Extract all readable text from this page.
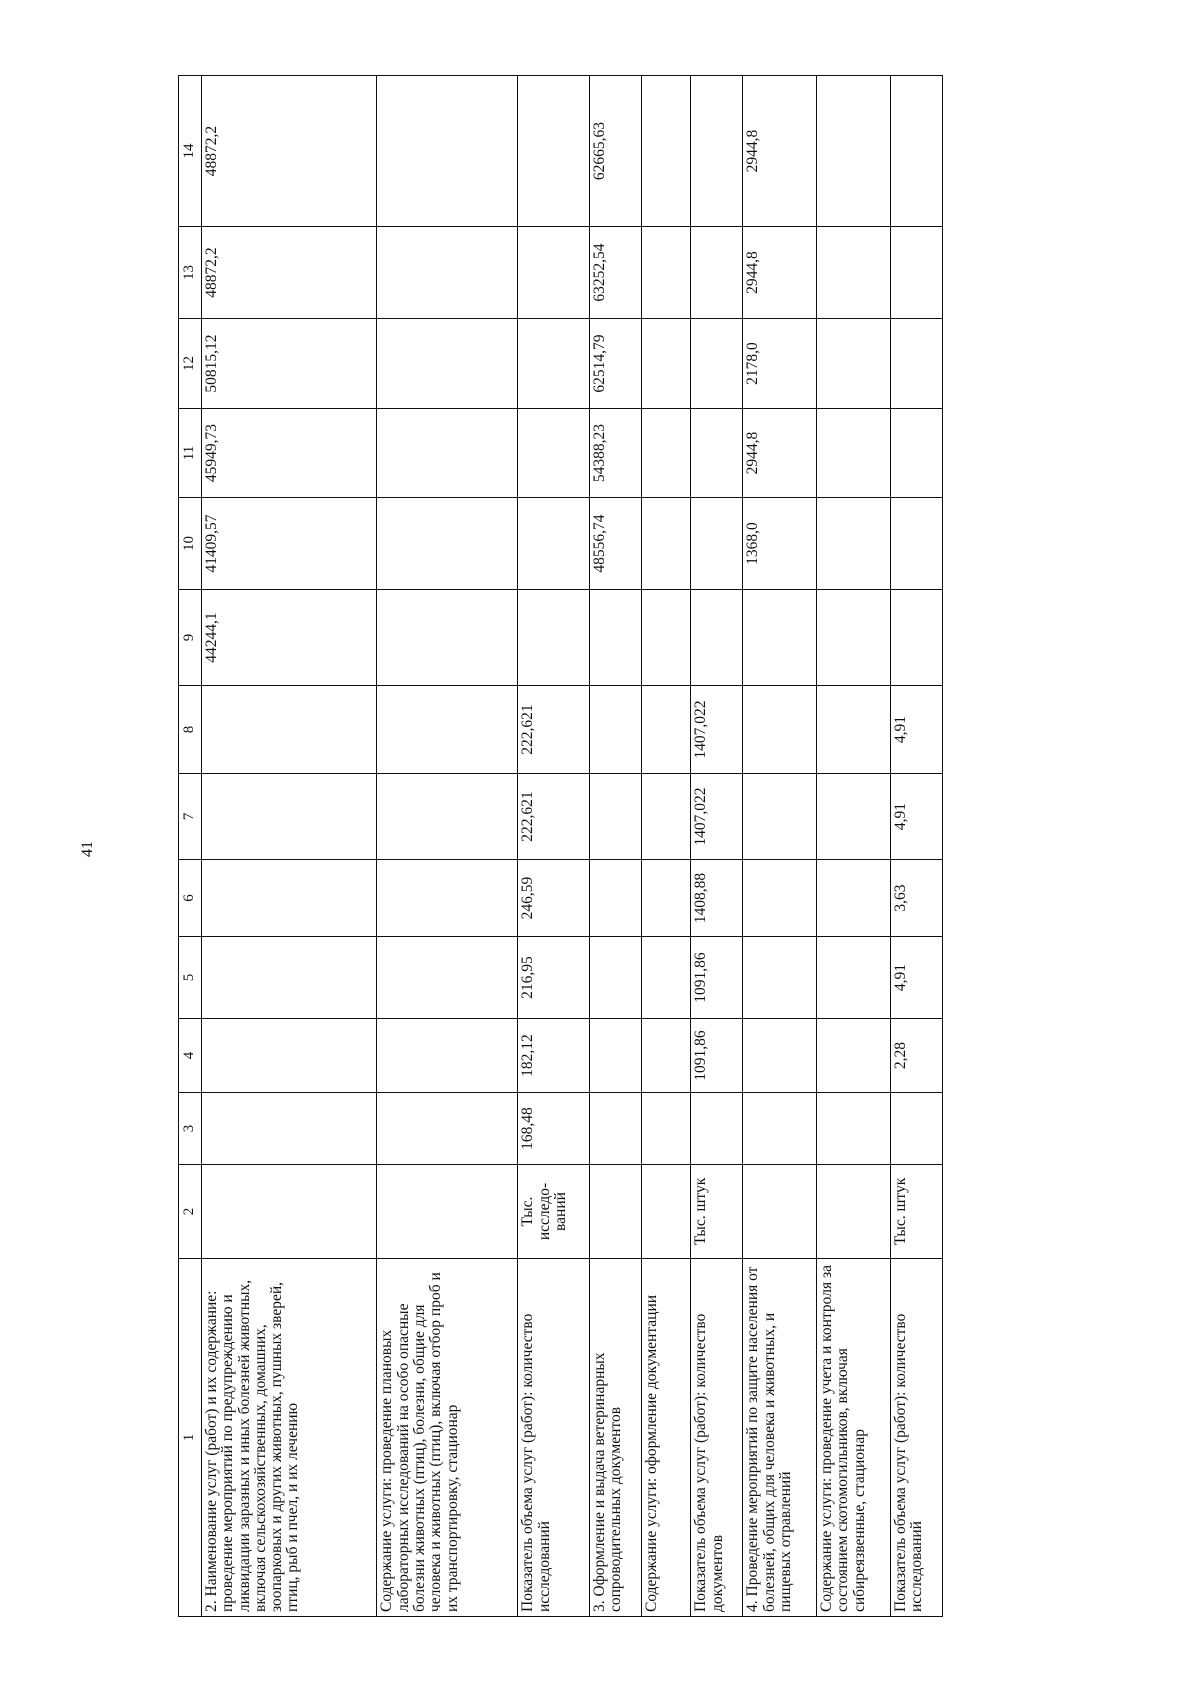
41
1	2	3	4	5	6	7	8	9	10	11	12	13	14
2. Наименование услуг (работ) и их содержание: проведение мероприятий по предупреждению и ликвидации заразных и иных болезней животных, включая сельскохозяйственных, домашних, зоопарковых и других животных, пушных зверей, птиц, рыб и пчел, и их лечению								44244,1	41409,57	45949,73	50815,12	48872,2	48872,2
Содержание услуги: проведение плановых лабораторных исследований на особо опасные болезни животных (птиц), болезни, общие для человека и животных (птиц), включая отбор проб и их транспортировку, стационар													
Показатель объема услуг (работ): количество исследований	Тыс. исследо- ваний	168,48	182,12	216,95	246,59	222,621	222,621						
3. Оформление и выдача ветеринарных сопроводительных документов									48556,74	54388,23	62514,79	63252,54	62665,63
Содержание услуги: оформление документации													
Показатель объема услуг (работ): количество документов	Тыс. штук		1091,86	1091,86	1408,88	1407,022	1407,022						
4. Проведение мероприятий по защите населения от болезней, общих для человека и животных, и пищевых отравлений									1368,0	2944,8	2178,0	2944,8	2944,8
Содержание услуги: проведение учета и контроля за состоянием скотомогильников, включая сибиреязвенные, стационар													
Показатель объема услуг (работ): количество исследований	Тыс. штук		2,28	4,91	3,63	4,91	4,91						
